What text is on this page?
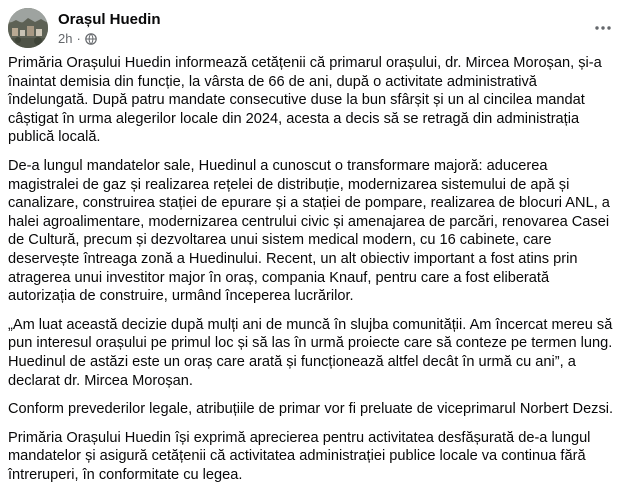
Orașul Huedin
2h ·

Primăria Orașului Huedin informează cetățenii că primarul orașului, dr. Mircea Moroșan, și-a înaintat demisia din funcție, la vârsta de 66 de ani, după o activitate administrativă îndelungată. După patru mandate consecutive duse la bun sfârșit și un al cincilea mandat câștigat în urma alegerilor locale din 2024, acesta a decis să se retragă din administrația publică locală.

De-a lungul mandatelor sale, Huedinul a cunoscut o transformare majoră: aducerea magistralei de gaz și realizarea rețelei de distribuție, modernizarea sistemului de apă și canalizare, construirea stației de epurare și a stației de pompare, realizarea de blocuri ANL, a halei agroalimentare, modernizarea centrului civic și amenajarea de parcări, renovarea Casei de Cultură, precum și dezvoltarea unui sistem medical modern, cu 16 cabinete, care deservește întreaga zonă a Huedinului. Recent, un alt obiectiv important a fost atins prin atragerea unui investitor major în oraș, compania Knauf, pentru care a fost eliberată autorizația de construire, urmând începerea lucrărilor.

„Am luat această decizie după mulți ani de muncă în slujba comunității. Am încercat mereu să pun interesul orașului pe primul loc și să las în urmă proiecte care să conteze pe termen lung. Huedinul de astăzi este un oraș care arată și funcționează altfel decât în urmă cu ani”, a declarat dr. Mircea Moroșan.

Conform prevederilor legale, atribuțiile de primar vor fi preluate de viceprimarul Norbert Dezsi.

Primăria Orașului Huedin își exprimă aprecierea pentru activitatea desfășurată de-a lungul mandatelor și asigură cetățenii că activitatea administrației publice locale va continua fără întreruperi, în conformitate cu legea.
